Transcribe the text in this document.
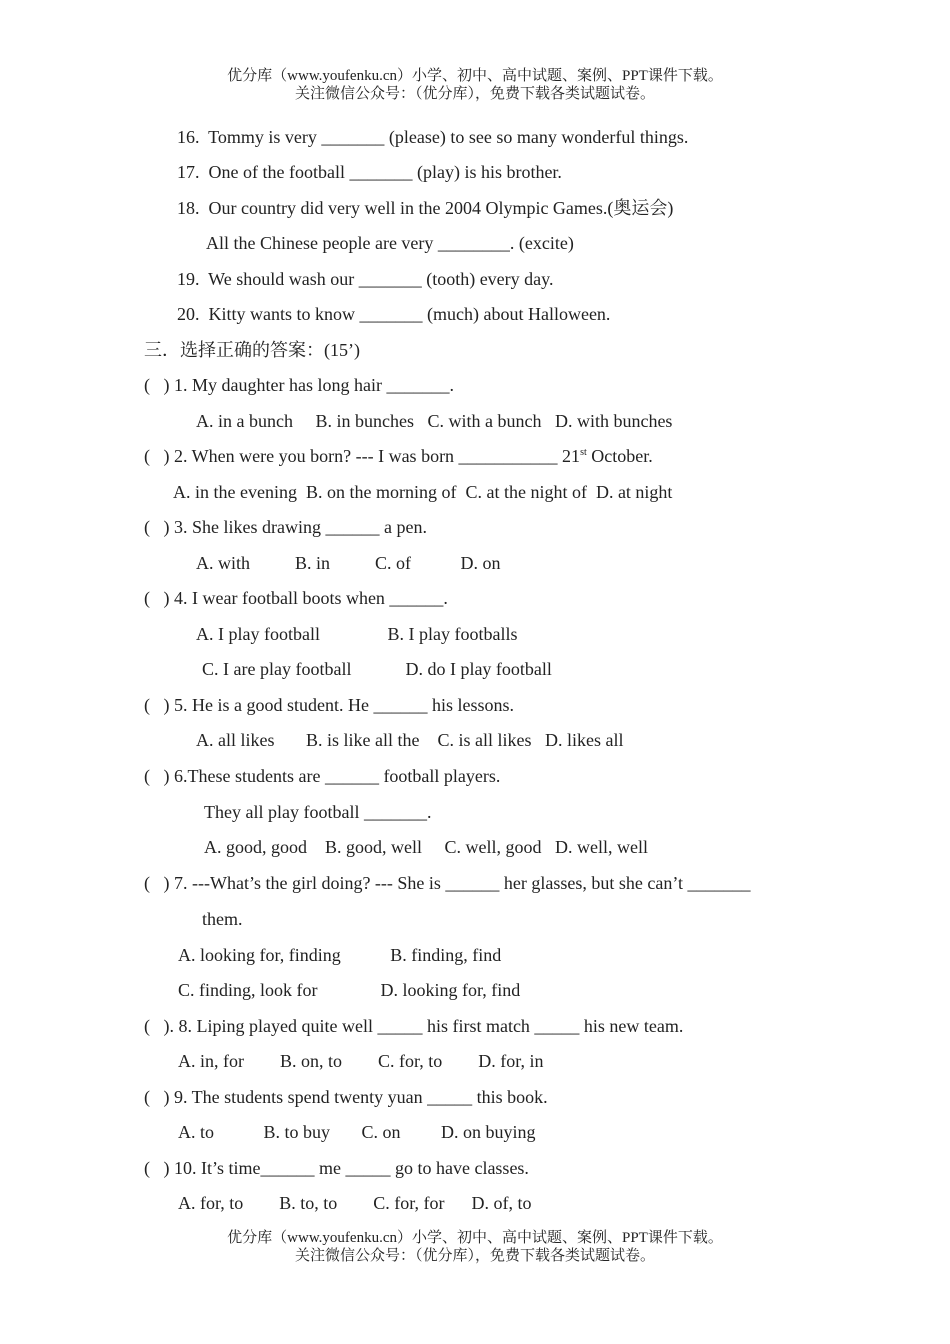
优分库（www.youfenku.cn）小学、初中、高中试题、案例、PPT课件下载。
关注微信公众号：（优分库），免费下载各类试题试卷。
16.  Tommy is very _______ (please) to see so many wonderful things.
17.  One of the football _______ (play) is his brother.
18.  Our country did very well in the 2004 Olympic Games.(奥运会)
All the Chinese people are very ________. (excite)
19.  We should wash our _______ (tooth) every day.
20.  Kitty wants to know _______ (much) about Halloween.
三．选择正确的答案：(15’)
(   ) 1. My daughter has long hair _______.
A. in a bunch     B. in bunches   C. with a bunch   D. with bunches
(   ) 2. When were you born? --- I was born ___________ 21st October.
A. in the evening  B. on the morning of  C. at the night of  D. at night
(   ) 3. She likes drawing ______ a pen.
A. with          B. in          C. of           D. on
(   ) 4. I wear football boots when ______.
A. I play football               B. I play footballs
C. I are play football            D. do I play football
(   ) 5. He is a good student. He ______ his lessons.
A. all likes       B. is like all the    C. is all likes   D. likes all
(   ) 6.These students are ______ football players.
They all play football _______.
A. good, good    B. good, well     C. well, good   D. well, well
(   ) 7. ---What’s the girl doing? --- She is ______ her glasses, but she can’t _______
them.
A. looking for, finding           B. finding, find
C. finding, look for              D. looking for, find
(   ). 8. Liping played quite well _____ his first match _____ his new team.
A. in, for        B. on, to        C. for, to        D. for, in
(   ) 9. The students spend twenty yuan _____ this book.
A. to           B. to buy       C. on         D. on buying
(   ) 10. It’s time______ me _____ go to have classes.
A. for, to        B. to, to        C. for, for      D. of, to
优分库（www.youfenku.cn）小学、初中、高中试题、案例、PPT课件下载。
关注微信公众号：（优分库），免费下载各类试题试卷。
